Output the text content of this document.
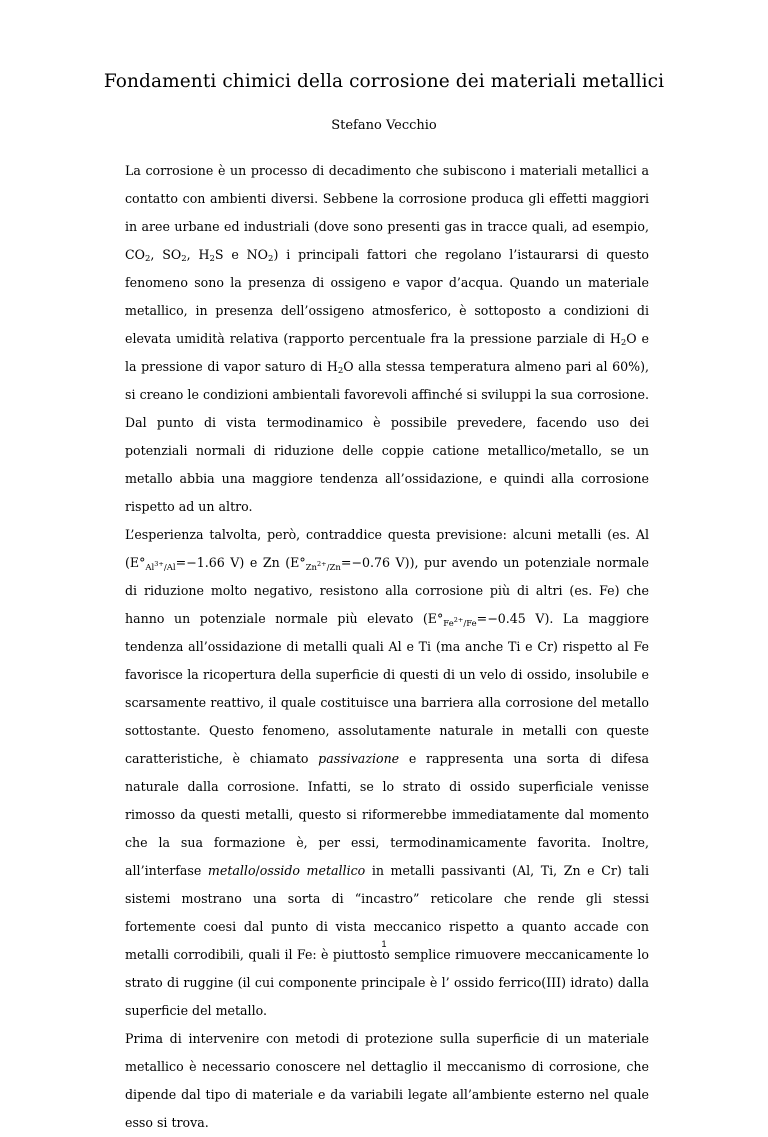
Fondamenti chimici della corrosione dei materiali metallici
Stefano Vecchio

La corrosione è un processo di decadimento che subiscono i materiali metallici a contatto con ambienti diversi. Sebbene la corrosione produca gli effetti maggiori in aree urbane ed industriali (dove sono presenti gas in tracce quali, ad esempio, $CO_2$, $SO_2$, $H_2S$ e $NO_2$) i principali fattori che regolano l’istaurarsi di questo fenomeno sono la presenza di ossigeno e vapor d’acqua. Quando un materiale metallico, in presenza dell’ossigeno atmosferico, è sottoposto a condizioni di elevata umidità relativa (rapporto percentuale fra la pressione parziale di $H_2O$ e la pressione di vapor saturo di $H_2O$ alla stessa temperatura almeno pari al 60%), si creano le condizioni ambientali favorevoli affinché si sviluppi la sua corrosione. Dal punto di vista termodinamico è possibile prevedere, facendo uso dei potenziali normali di riduzione delle coppie catione metallico/metallo, se un metallo abbia una maggiore tendenza all’ossidazione, e quindi alla corrosione rispetto ad un altro.

L’esperienza talvolta, però, contraddice questa previsione: alcuni metalli (es. Al ($E^\circ_{Al^{3+}/Al}=-1.66$ V) e Zn ($E^\circ_{Zn^{2+}/Zn}=-0.76$ V)), pur avendo un potenziale normale di riduzione molto negativo, resistono alla corrosione più di altri (es. Fe) che hanno un potenziale normale più elevato ($E^\circ_{Fe^{2+}/Fe}=-0.45$ V). La maggiore tendenza all’ossidazione di metalli quali Al e Ti (ma anche Ti e Cr) rispetto al Fe favorisce la ricopertura della superficie di questi di un velo di ossido, insolubile e scarsamente reattivo, il quale costituisce una barriera alla corrosione del metallo sottostante. Questo fenomeno, assolutamente naturale in metalli con queste caratteristiche, è chiamato passivazione e rappresenta una sorta di difesa naturale dalla corrosione. Infatti, se lo strato di ossido superficiale venisse rimosso da questi metalli, questo si riformerebbe immediatamente dal momento che la sua formazione è, per essi, termodinamicamente favorita. Inoltre, all’interfase metallo/ossido metallico in metalli passivanti (Al, Ti, Zn e Cr) tali sistemi mostrano una sorta di “incastro” reticolare che rende gli stessi fortemente coesi dal punto di vista meccanico rispetto a quanto accade con metalli corrodibili, quali il Fe: è piuttosto semplice rimuovere meccanicamente lo strato di ruggine (il cui componente principale è l’ ossido ferrico(III) idrato) dalla superficie del metallo.

Prima di intervenire con metodi di protezione sulla superficie di un materiale metallico è necessario conoscere nel dettaglio il meccanismo di corrosione, che dipende dal tipo di materiale e da variabili legate all’ambiente esterno nel quale esso si trova.

1
